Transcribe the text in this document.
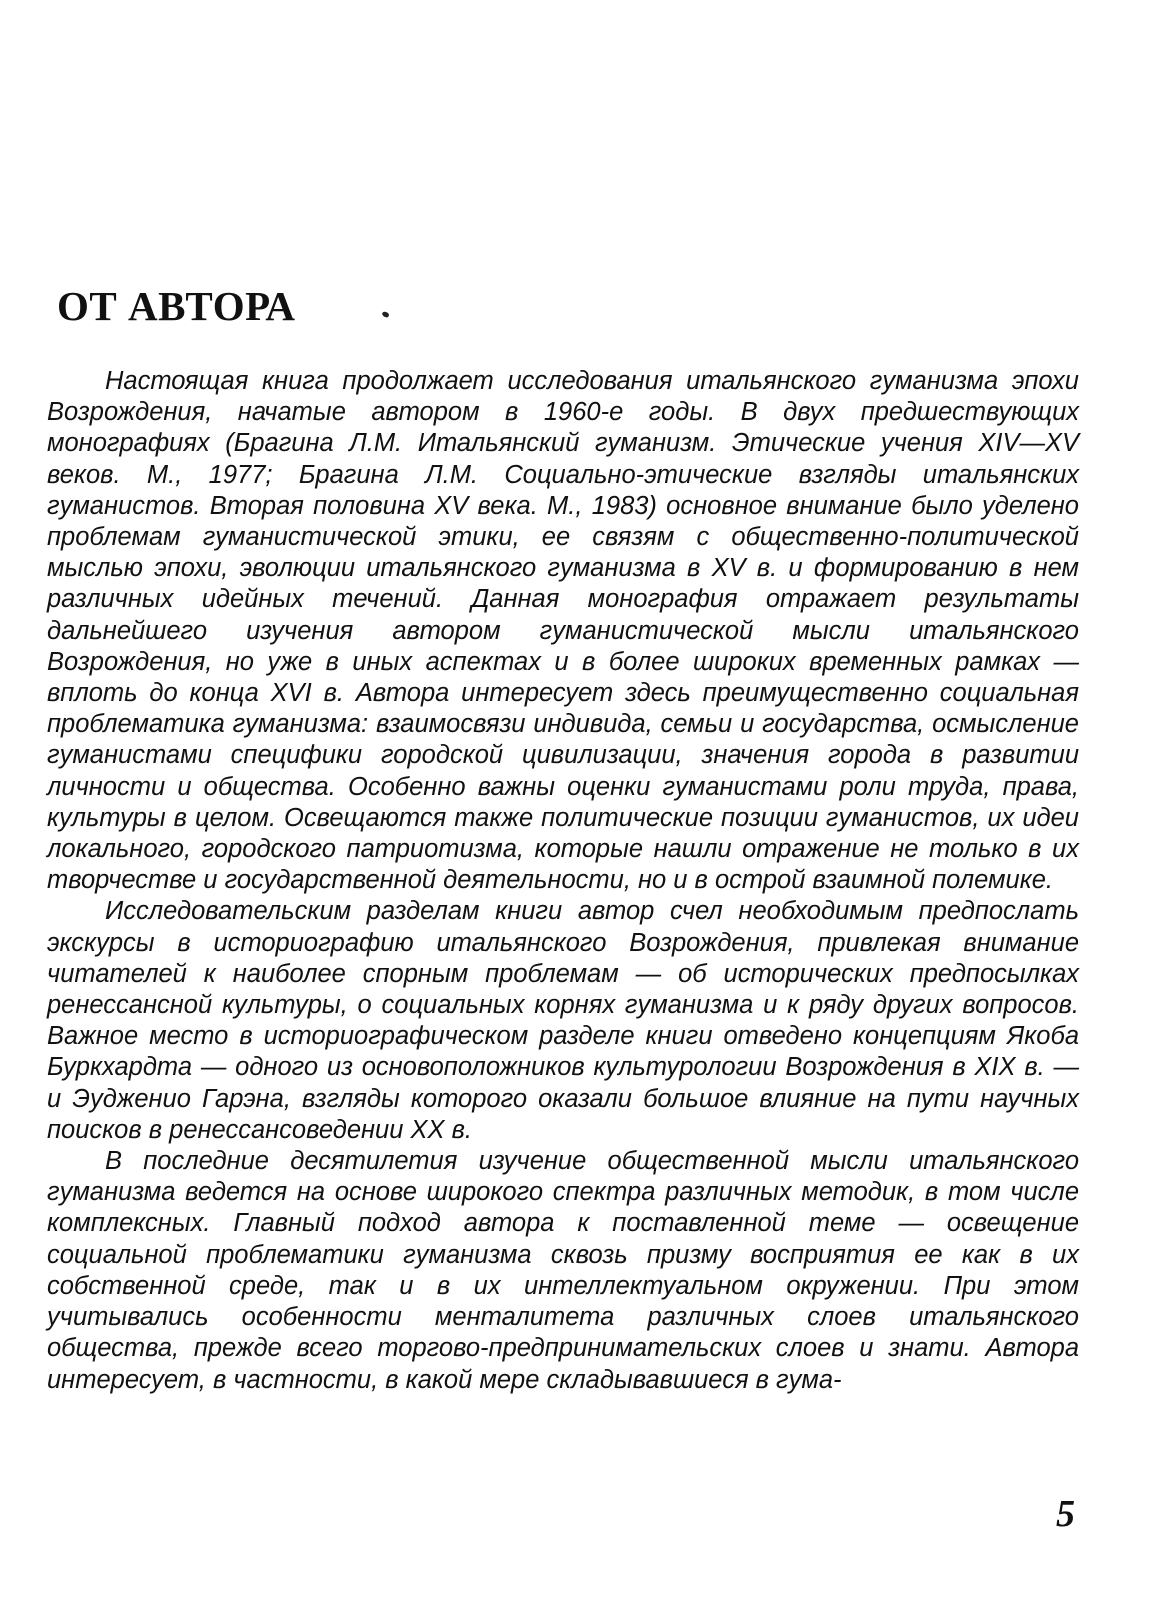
ОТ АВТОРА

Настоящая книга продолжает исследования итальянского гуманизма эпохи Возрождения, начатые автором в 1960-е годы. В двух предшествующих монографиях (Брагина Л.М. Итальянский гуманизм. Этические учения XIV—XV веков. М., 1977; Брагина Л.М. Социально-этические взгляды итальянских гуманистов. Вторая половина XV века. М., 1983) основное внимание было уделено проблемам гуманистической этики, ее связям с общественно-политической мыслью эпохи, эволюции итальянского гуманизма в XV в. и формированию в нем различных идейных течений. Данная монография отражает результаты дальнейшего изучения автором гуманистической мысли итальянского Возрождения, но уже в иных аспектах и в более широких временных рамках — вплоть до конца XVI в. Автора интересует здесь преимущественно социальная проблематика гуманизма: взаимосвязи индивида, семьи и государства, осмысление гуманистами специфики городской цивилизации, значения города в развитии личности и общества. Особенно важны оценки гуманистами роли труда, права, культуры в целом. Освещаются также политические позиции гуманистов, их идеи локального, городского патриотизма, которые нашли отражение не только в их творчестве и государственной деятельности, но и в острой взаимной полемике.

Исследовательским разделам книги автор счел необходимым предпослать экскурсы в историографию итальянского Возрождения, привлекая внимание читателей к наиболее спорным проблемам — об исторических предпосылках ренессансной культуры, о социальных корнях гуманизма и к ряду других вопросов. Важное место в историографическом разделе книги отведено концепциям Якоба Буркхардта — одного из основоположников культурологии Возрождения в XIX в. — и Эудженио Гарэна, взгляды которого оказали большое влияние на пути научных поисков в ренессансоведении XX в.

В последние десятилетия изучение общественной мысли итальянского гуманизма ведется на основе широкого спектра различных методик, в том числе комплексных. Главный подход автора к поставленной теме — освещение социальной проблематики гуманизма сквозь призму восприятия ее как в их собственной среде, так и в их интеллектуальном окружении. При этом учитывались особенности менталитета различных слоев итальянского общества, прежде всего торгово-предпринимательских слоев и знати. Автора интересует, в частности, в какой мере складывавшиеся в гума-

5
